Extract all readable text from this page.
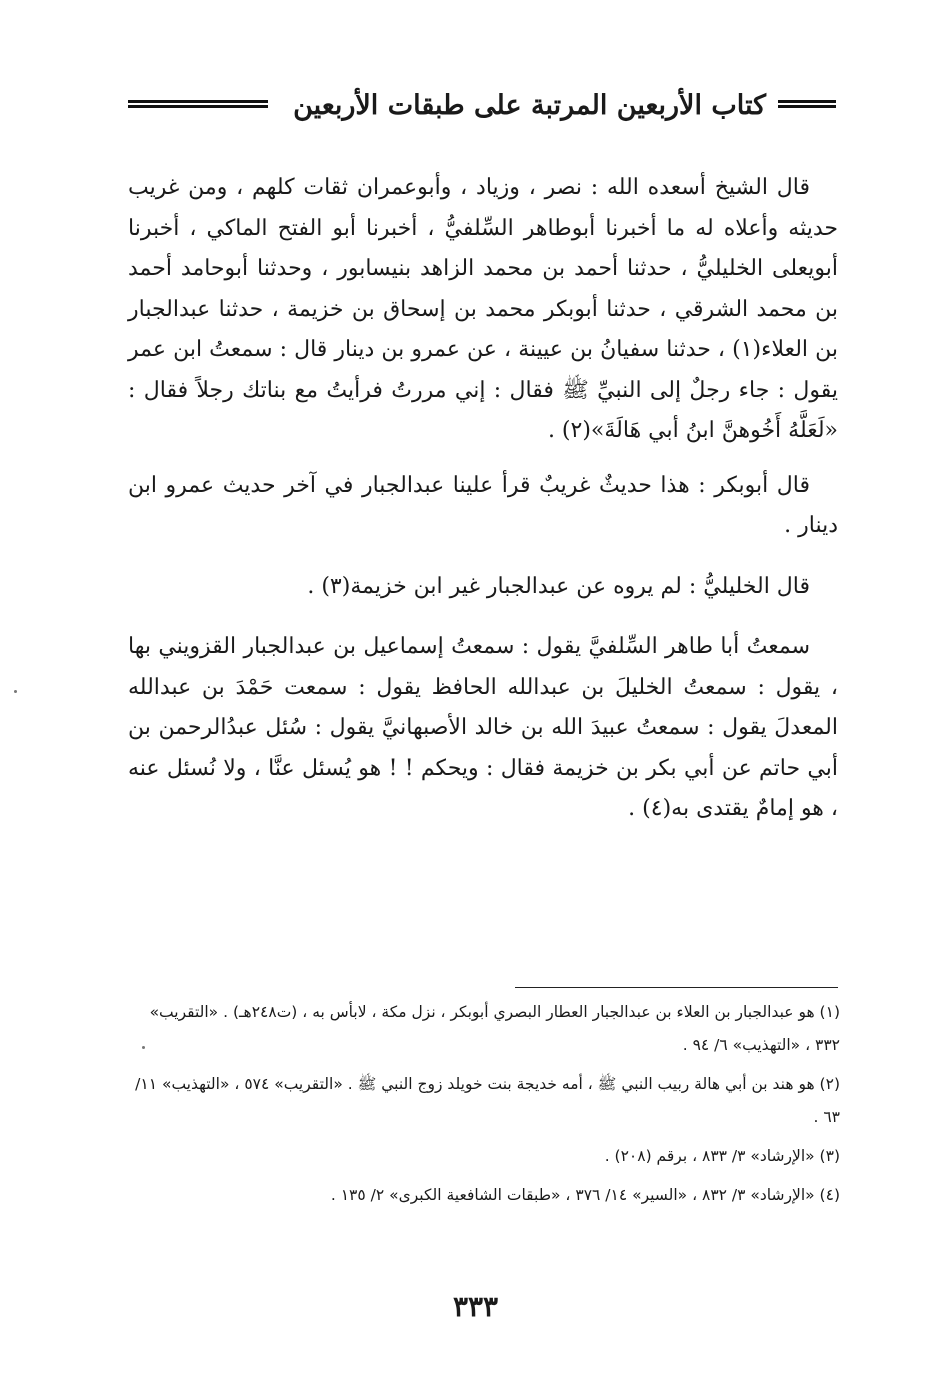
كتاب الأربعين المرتبة على طبقات الأربعين

قال الشيخ أسعده الله : نصر ، وزياد ، وأبوعمران ثقات كلهم ، ومن غريب حديثه وأعلاه له ما أخبرنا أبوطاهر السِّلفيُّ ، أخبرنا أبو الفتح الماكي ، أخبرنا أبويعلى الخليليُّ ، حدثنا أحمد بن محمد الزاهد بنيسابور ، وحدثنا أبوحامد أحمد بن محمد الشرقي ، حدثنا أبوبكر محمد بن إسحاق بن خزيمة ، حدثنا عبدالجبار بن العلاء(١) ، حدثنا سفيانُ بن عيينة ، عن عمرو بن دينار قال : سمعتُ ابن عمر يقول : جاء رجلٌ إلى النبيِّ ﷺ فقال : إني مررتُ فرأيتُ مع بناتك رجلاً فقال : «لَعَلَّهُ أَخُوهنَّ ابنُ أبي هَالَةَ»(٢) .

قال أبوبكر : هذا حديثٌ غريبٌ قرأ علينا عبدالجبار في آخر حديث عمرو ابن دينار .

قال الخليليُّ : لم يروه عن عبدالجبار غير ابن خزيمة(٣) .

سمعتُ أبا طاهر السِّلفيَّ يقول : سمعتُ إسماعيل بن عبدالجبار القزويني بها ، يقول : سمعتُ الخليلَ بن عبدالله الحافظ يقول : سمعت حَمْدَ بن عبدالله المعدلَ يقول : سمعتُ عبيدَ الله بن خالد الأصبهانيَّ يقول : سُئل عبدُالرحمن بن أبي حاتم عن أبي بكر بن خزيمة فقال : ويحكم ! ! هو يُسئل عنَّا ، ولا نُسئل عنه ، هو إمامٌ يقتدى به(٤) .

(١) هو عبدالجبار بن العلاء بن عبدالجبار العطار البصري أبوبكر ، نزل مكة ، لابأس به ، (ت٢٤٨هـ) . «التقريب» ٣٣٢ ، «التهذيب» ٦/ ٩٤ .

(٢) هو هند بن أبي هالة ربيب النبي ﷺ ، أمه خديجة بنت خويلد زوج النبي ﷺ . «التقريب» ٥٧٤ ، «التهذيب» ١١/ ٦٣ .

(٣) «الإرشاد» ٣/ ٨٣٣ ، برقم (٢٠٨) .

(٤) «الإرشاد» ٣/ ٨٣٢ ، «السير» ١٤/ ٣٧٦ ، «طبقات الشافعية الكبرى» ٢/ ١٣٥ .

٣٣٣
